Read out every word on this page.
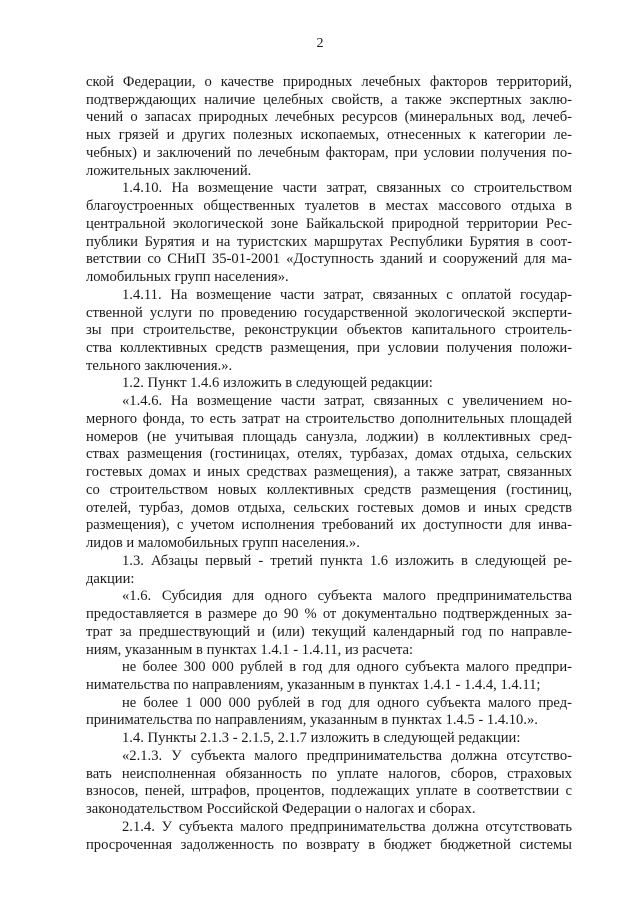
2
ской Федерации, о качестве природных лечебных факторов территорий,
подтверждающих наличие целебных свойств, а также экспертных заклю-
чений о запасах природных лечебных ресурсов (минеральных вод, лечеб-
ных грязей и других полезных ископаемых, отнесенных к категории ле-
чебных) и заключений по лечебным факторам, при условии получения по-
ложительных заключений.
1.4.10. На возмещение части затрат, связанных со строительством
благоустроенных общественных туалетов в местах массового отдыха в
центральной экологической зоне Байкальской природной территории Рес-
публики Бурятия и на туристских маршрутах Республики Бурятия в соот-
ветствии со СНиП 35-01-2001 «Доступность зданий и сооружений для ма-
ломобильных групп населения».
1.4.11. На возмещение части затрат, связанных с оплатой государ-
ственной услуги по проведению государственной экологической эксперти-
зы при строительстве, реконструкции объектов капитального строитель-
ства коллективных средств размещения, при условии получения положи-
тельного заключения.».
1.2. Пункт 1.4.6 изложить в следующей редакции:
«1.4.6. На возмещение части затрат, связанных с увеличением но-
мерного фонда, то есть затрат на строительство дополнительных площадей
номеров (не учитывая площадь санузла, лоджии) в коллективных сред-
ствах размещения (гостиницах, отелях, турбазах, домах отдыха, сельских
гостевых домах и иных средствах размещения), а также затрат, связанных
со строительством новых коллективных средств размещения (гостиниц,
отелей, турбаз, домов отдыха, сельских гостевых домов и иных средств
размещения), с учетом исполнения требований их доступности для инва-
лидов и маломобильных групп населения.».
1.3. Абзацы первый - третий пункта 1.6 изложить в следующей ре-
дакции:
«1.6. Субсидия для одного субъекта малого предпринимательства
предоставляется в размере до 90 % от документально подтвержденных за-
трат за предшествующий и (или) текущий календарный год по направле-
ниям, указанным в пунктах 1.4.1 - 1.4.11, из расчета:
не более 300 000 рублей в год для одного субъекта малого предпри-
нимательства по направлениям, указанным в пунктах 1.4.1 - 1.4.4, 1.4.11;
не более 1 000 000 рублей в год для одного субъекта малого пред-
принимательства по направлениям, указанным в пунктах 1.4.5 - 1.4.10.».
1.4. Пункты 2.1.3 - 2.1.5, 2.1.7 изложить в следующей редакции:
«2.1.3. У субъекта малого предпринимательства должна отсутство-
вать неисполненная обязанность по уплате налогов, сборов, страховых
взносов, пеней, штрафов, процентов, подлежащих уплате в соответствии с
законодательством Российской Федерации о налогах и сборах.
2.1.4. У субъекта малого предпринимательства должна отсутствовать
просроченная задолженность по возврату в бюджет бюджетной системы
